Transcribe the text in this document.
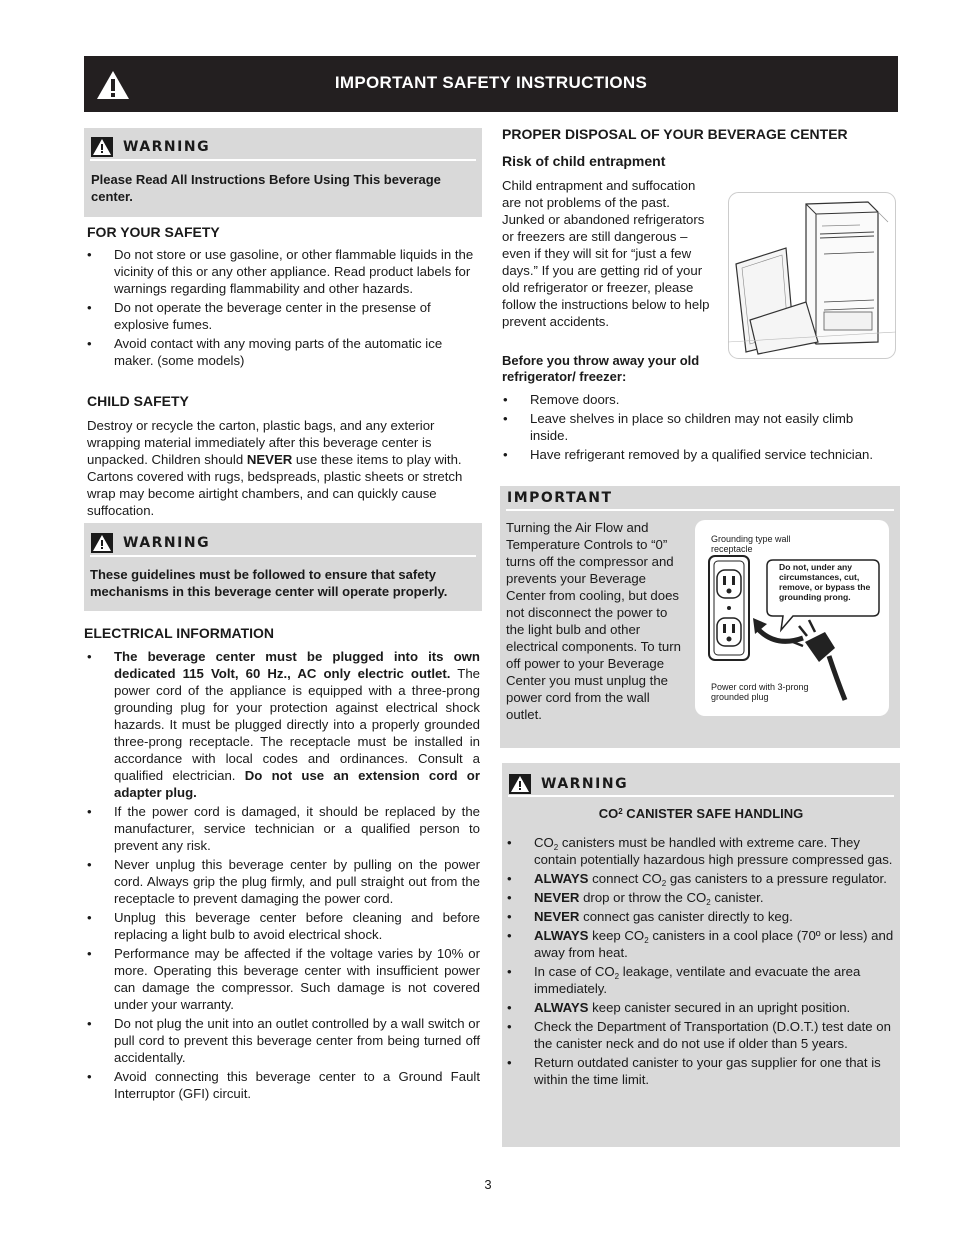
IMPORTANT SAFETY INSTRUCTIONS
WARNING
Please Read All Instructions Before Using This beverage center.
FOR YOUR SAFETY
• Do not store or use gasoline, or other flammable liquids in the vicinity of this or any other appliance. Read product labels for warnings regarding flammability and other hazards.
• Do not operate the beverage center in the presense of explosive fumes.
• Avoid contact with any moving parts of the automatic ice maker. (some models)
CHILD SAFETY
Destroy or recycle the carton, plastic bags, and any exterior wrapping material immediately after this beverage center is unpacked. Children should NEVER use these items to play with. Cartons covered with rugs, bedspreads, plastic sheets or stretch wrap may become airtight chambers, and can quickly cause suffocation.
WARNING
These guidelines must be followed to ensure that safety mechanisms in this beverage center will operate properly.
ELECTRICAL INFORMATION
• The beverage center must be plugged into its own dedicated 115 Volt, 60 Hz., AC only electric outlet. The power cord of the appliance is equipped with a three-prong grounding plug for your protection against electrical shock hazards. It must be plugged directly into a properly grounded three-prong receptacle. The receptacle must be installed in accordance with local codes and ordinances. Consult a qualified electrician. Do not use an extension cord or adapter plug.
• If the power cord is damaged, it should be replaced by the manufacturer, service technician or a qualified person to prevent any risk.
• Never unplug this beverage center by pulling on the power cord. Always grip the plug firmly, and pull straight out from the receptacle to prevent damaging the power cord.
• Unplug this beverage center before cleaning and before replacing a light bulb to avoid electrical shock.
• Performance may be affected if the voltage varies by 10% or more. Operating this beverage center with insufficient power can damage the compressor. Such damage is not covered under your warranty.
• Do not plug the unit into an outlet controlled by a wall switch or pull cord to prevent this beverage center from being turned off accidentally.
• Avoid connecting this beverage center to a Ground Fault Interruptor (GFI) circuit.
PROPER DISPOSAL OF YOUR BEVERAGE CENTER
Risk of child entrapment
Child entrapment and suffocation are not problems of the past. Junked or abandoned refrigerators or freezers are still dangerous – even if they will sit for “just a few days.” If you are getting rid of your old refrigerator or freezer, please follow the instructions below to help prevent accidents.
Before you throw away your old refrigerator/ freezer:
• Remove doors.
• Leave shelves in place so children may not easily climb inside.
• Have refrigerant removed by a qualified service technician.
IMPORTANT
Turning the Air Flow and Temperature Controls to “0” turns off the compressor and prevents your Beverage Center from cooling, but does not disconnect the power to the light bulb and other electrical components. To turn off power to your Beverage Center you must unplug the power cord from the wall outlet.
Grounding type wall receptacle
Do not, under any circumstances, cut, remove, or bypass the grounding prong.
Power cord with 3-prong grounded plug
WARNING
$CO^2$ CANISTER SAFE HANDLING
• $CO_2$ canisters must be handled with extreme care. They contain potentially hazardous high pressure compressed gas.
• ALWAYS connect $CO_2$ gas canisters to a pressure regulator.
• NEVER drop or throw the $CO_2$ canister.
• NEVER connect gas canister directly to keg.
• ALWAYS keep $CO_2$ canisters in a cool place (70º or less) and away from heat.
• In case of $CO_2$ leakage, ventilate and evacuate the area immediately.
• ALWAYS keep canister secured in an upright position.
• Check the Department of Transportation (D.O.T.) test date on the canister neck and do not use if older than 5 years.
• Return outdated canister to your gas supplier for one that is within the time limit.
3
